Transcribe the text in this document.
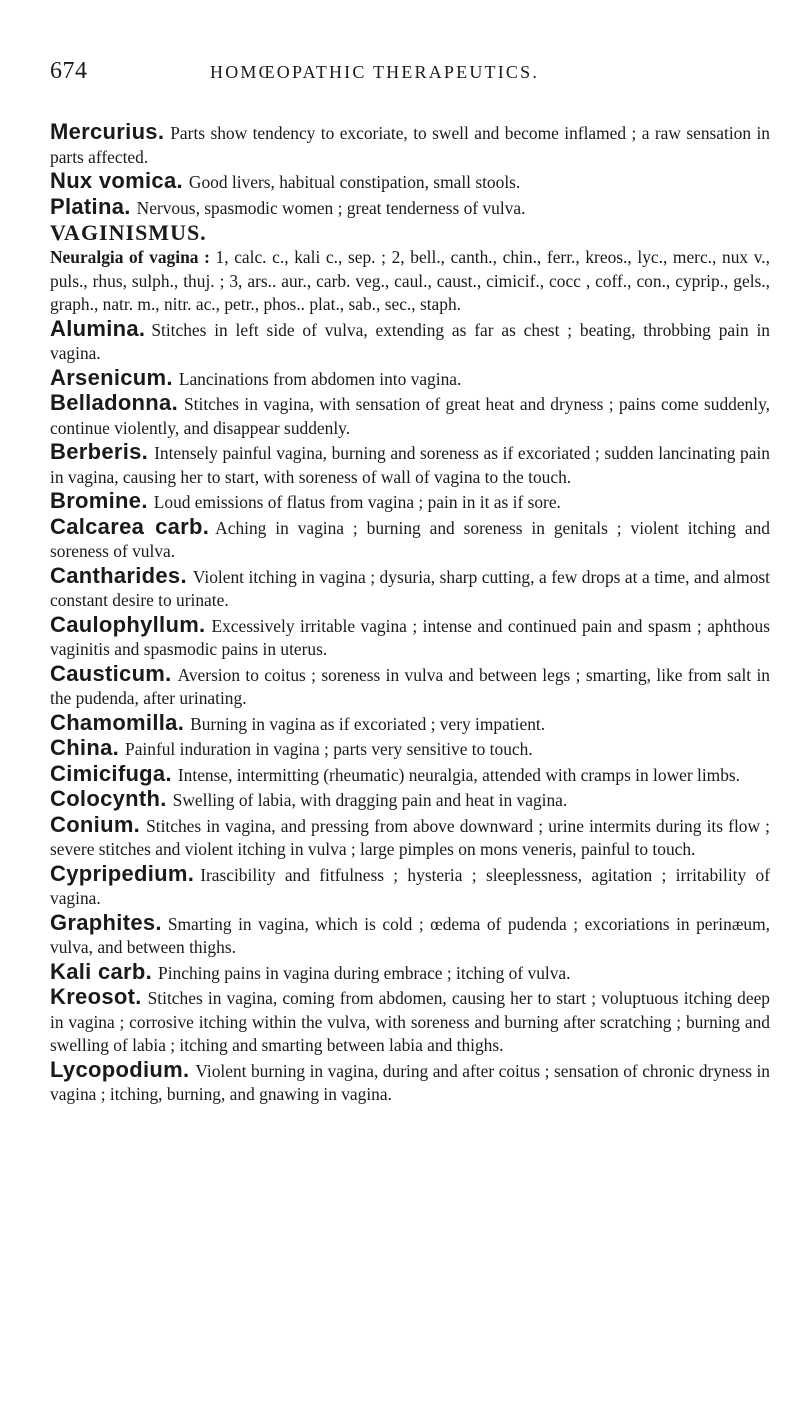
674	HOMŒOPATHIC THERAPEUTICS.

Mercurius. Parts show tendency to excoriate, to swell and become inflamed ; a raw sensation in parts affected.

Nux vomica. Good livers, habitual constipation, small stools.

Platina. Nervous, spasmodic women ; great tenderness of vulva.

VAGINISMUS.

Neuralgia of vagina : 1, calc. c., kali c., sep. ; 2, bell., canth., chin., ferr., kreos., lyc., merc., nux v., puls., rhus, sulph., thuj. ; 3, ars.. aur., carb. veg., caul., caust., cimicif., cocc , coff., con., cyprip., gels., graph., natr. m., nitr. ac., petr., phos.. plat., sab., sec., staph.

Alumina. Stitches in left side of vulva, extending as far as chest ; beating, throbbing pain in vagina.

Arsenicum. Lancinations from abdomen into vagina.

Belladonna. Stitches in vagina, with sensation of great heat and dryness ; pains come suddenly, continue violently, and disappear suddenly.

Berberis. Intensely painful vagina, burning and soreness as if excoriated ; sudden lancinating pain in vagina, causing her to start, with soreness of wall of vagina to the touch.

Bromine. Loud emissions of flatus from vagina ; pain in it as if sore.

Calcarea carb. Aching in vagina ; burning and soreness in genitals ; violent itching and soreness of vulva.

Cantharides. Violent itching in vagina ; dysuria, sharp cutting, a few drops at a time, and almost constant desire to urinate.

Caulophyllum. Excessively irritable vagina ; intense and continued pain and spasm ; aphthous vaginitis and spasmodic pains in uterus.

Causticum. Aversion to coitus ; soreness in vulva and between legs ; smarting, like from salt in the pudenda, after urinating.

Chamomilla. Burning in vagina as if excoriated ; very impatient.

China. Painful induration in vagina ; parts very sensitive to touch.

Cimicifuga. Intense, intermitting (rheumatic) neuralgia, attended with cramps in lower limbs.

Colocynth. Swelling of labia, with dragging pain and heat in vagina.

Conium. Stitches in vagina, and pressing from above downward ; urine intermits during its flow ; severe stitches and violent itching in vulva ; large pimples on mons veneris, painful to touch.

Cypripedium. Irascibility and fitfulness ; hysteria ; sleeplessness, agitation ; irritability of vagina.

Graphites. Smarting in vagina, which is cold ; œdema of pudenda ; excoriations in perinæum, vulva, and between thighs.

Kali carb. Pinching pains in vagina during embrace ; itching of vulva.

Kreosot. Stitches in vagina, coming from abdomen, causing her to start ; voluptuous itching deep in vagina ; corrosive itching within the vulva, with soreness and burning after scratching ; burning and swelling of labia ; itching and smarting between labia and thighs.

Lycopodium. Violent burning in vagina, during and after coitus ; sensation of chronic dryness in vagina ; itching, burning, and gnawing in vagina.
